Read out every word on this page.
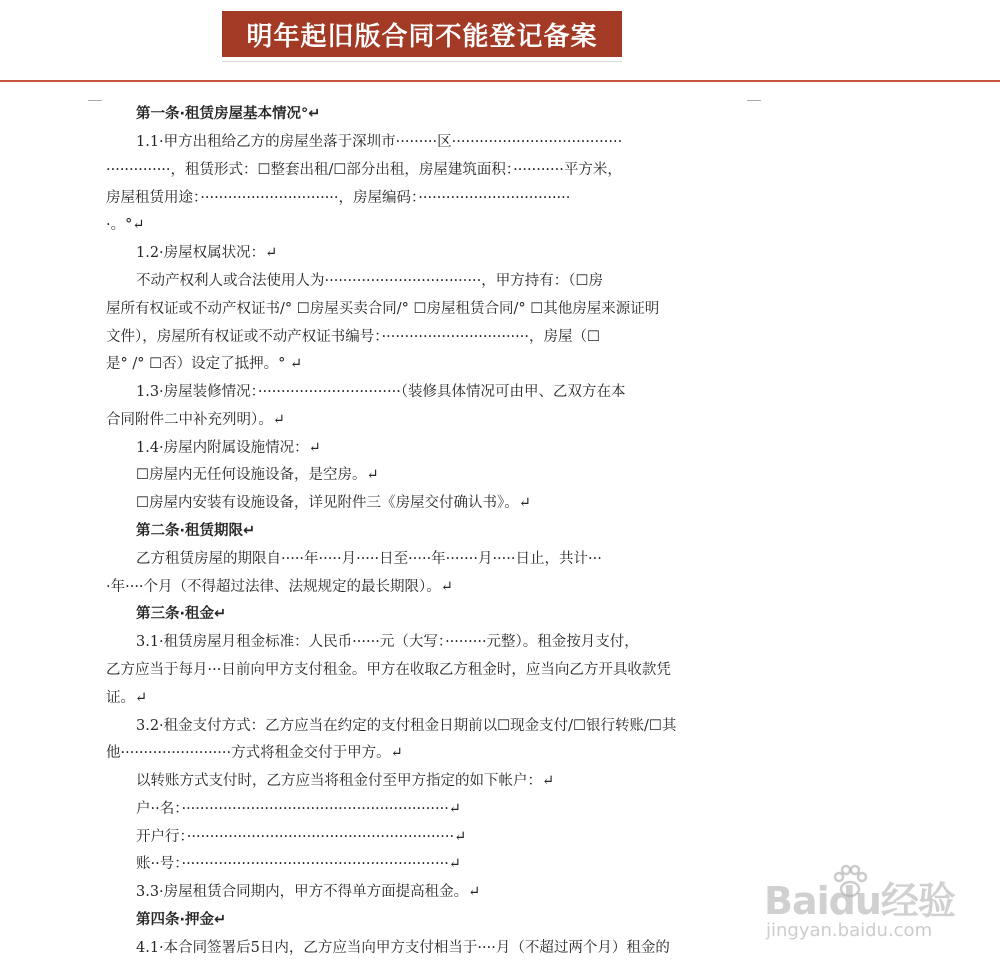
明年起旧版合同不能登记备案
第一条·租赁房屋基本情况°↵
1.1·甲方出租给乙方的房屋坐落于深圳市·········区·····································
··············，租赁形式：☐整套出租/☐部分出租，房屋建筑面积：···········平方米，
房屋租赁用途：······························，房屋编码：·································
·。°↵
1.2·房屋权属状况：↵
不动产权利人或合法使用人为··································，甲方持有：（☐房
屋所有权证或不动产权证书/° ☐房屋买卖合同/° ☐房屋租赁合同/° ☐其他房屋来源证明
文件），房屋所有权证或不动产权证书编号：································，房屋（☐
是° /° ☐否）设定了抵押。° ↵
1.3·房屋装修情况：·······························（装修具体情况可由甲、乙双方在本
合同附件二中补充列明）。↵
1.4·房屋内附属设施情况：↵
☐房屋内无任何设施设备，是空房。↵
☐房屋内安装有设施设备，详见附件三《房屋交付确认书》。↵
第二条·租赁期限↵
乙方租赁房屋的期限自·····年·····月·····日至·····年·······月·····日止，共计···
·年····个月（不得超过法律、法规规定的最长期限）。↵
第三条·租金↵
3.1·租赁房屋月租金标准：人民币······元（大写：·········元整）。租金按月支付，
乙方应当于每月···日前向甲方支付租金。甲方在收取乙方租金时，应当向乙方开具收款凭
证。↵
3.2·租金支付方式：乙方应当在约定的支付租金日期前以☐现金支付/☐银行转账/☐其
他························方式将租金交付于甲方。↵
以转账方式支付时，乙方应当将租金付至甲方指定的如下帐户：↵
户··名：··························································↵
开户行：··························································↵
账··号：··························································↵
3.3·房屋租赁合同期内，甲方不得单方面提高租金。↵
第四条·押金↵
4.1·本合同签署后5日内，乙方应当向甲方支付相当于····月（不超过两个月）租金的
Baidu经验
jingyan.baidu.com
